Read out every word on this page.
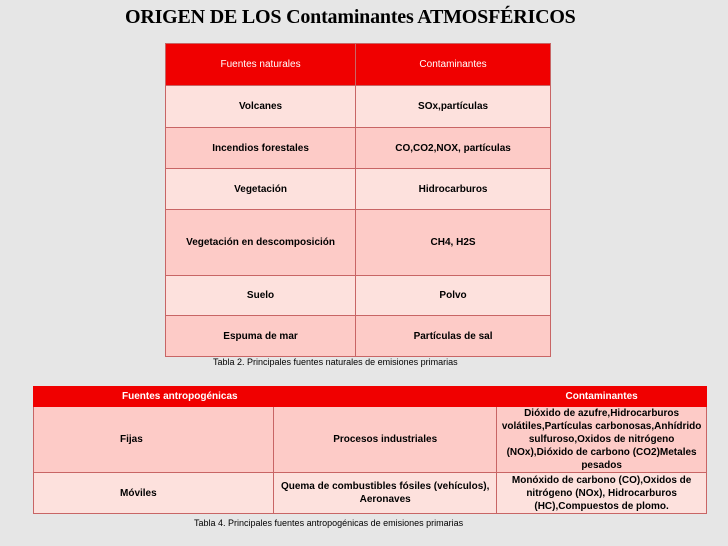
ORIGEN DE LOS Contaminantes ATMOSFÉRICOS
Fuentes naturales	Contaminantes
Volcanes	SOx,partículas
Incendios forestales	CO,CO2,NOX, partículas
Vegetación	Hidrocarburos
Vegetación en descomposición	CH4, H2S
Suelo	Polvo
Espuma de mar	Partículas de sal
Tabla 2. Principales fuentes naturales de emisiones primarias
Fuentes antropogénicas		Contaminantes
Fijas	Procesos industriales	Dióxido de azufre,Hidrocarburos volátiles,Partículas carbonosas,Anhídrido sulfuroso,Oxidos de nitrógeno (NOx),Dióxido de carbono (CO2)Metales pesados
Móviles	Quema de combustibles fósiles (vehículos), Aeronaves	Monóxido de carbono (CO),Oxidos de nitrógeno (NOx), Hidrocarburos (HC),Compuestos de plomo.
Tabla 4. Principales fuentes antropogénicas de emisiones primarias
